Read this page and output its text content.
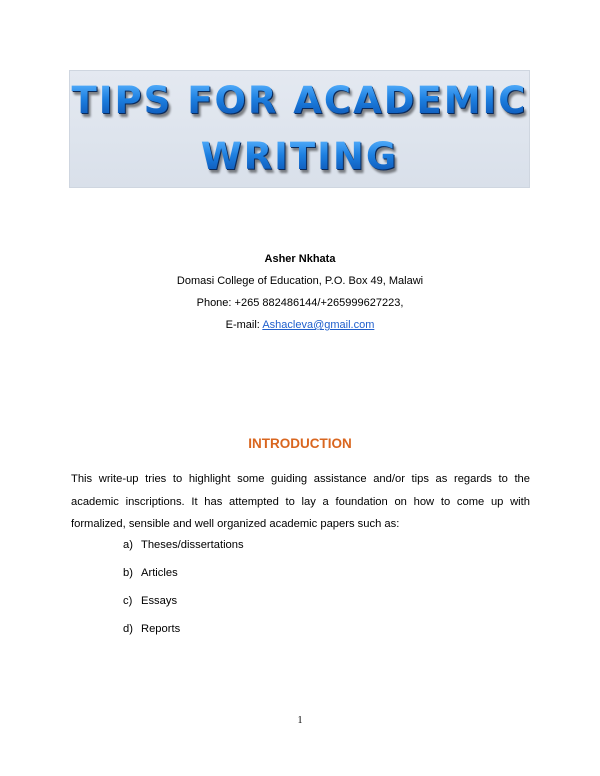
TIPS FOR ACADEMIC
WRITING
Asher Nkhata
Domasi College of Education, P.O. Box 49, Malawi
Phone: +265 882486144/+265999627223,
E-mail: Ashacleva@gmail.com
INTRODUCTION
This write-up tries to highlight some guiding assistance and/or tips as regards to the academic inscriptions. It has attempted to lay a foundation on how to come up with formalized, sensible and well organized academic papers such as:
a) Theses/dissertations
b) Articles
c) Essays
d) Reports
1
